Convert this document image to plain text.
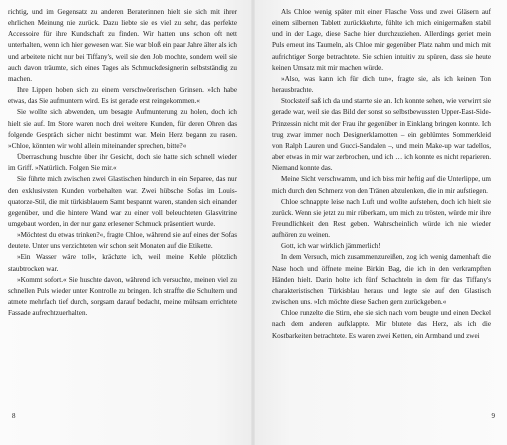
richtig, und im Gegensatz zu anderen Beraterinnen hielt sie sich mit ihrer ehrlichen Meinung nie zurück. Dazu liebte sie es viel zu sehr, das perfekte Accessoire für ihre Kundschaft zu finden. Wir hatten uns schon oft nett unterhalten, wenn ich hier gewesen war. Sie war bloß ein paar Jahre älter als ich und arbeitete nicht nur bei Tiffany's, weil sie den Job mochte, sondern weil sie auch davon träumte, sich eines Tages als Schmuckdesignerin selbstständig zu machen.

Ihre Lippen hoben sich zu einem verschwörerischen Grinsen. »Ich habe etwas, das Sie aufmuntern wird. Es ist gerade erst reingekommen.«

Sie wollte sich abwenden, um besagte Aufmunterung zu holen, doch ich hielt sie auf. Im Store waren noch drei weitere Kunden, für deren Ohren das folgende Gespräch sicher nicht bestimmt war. Mein Herz begann zu rasen. »Chloe, könnten wir wohl allein miteinander sprechen, bitte?«

Überraschung huschte über ihr Gesicht, doch sie hatte sich schnell wieder im Griff. »Natürlich. Folgen Sie mir.«

Sie führte mich zwischen zwei Glastischen hindurch in ein Separee, das nur den exklusivsten Kunden vorbehalten war. Zwei hübsche Sofas im Louis-quatorze-Stil, die mit türkisblauem Samt bespannt waren, standen sich einander gegenüber, und die hintere Wand war zu einer voll beleuchteten Glasvitrine umgebaut worden, in der nur ganz erlesener Schmuck präsentiert wurde.

»Möchtest du etwas trinken?«, fragte Chloe, während sie auf eines der Sofas deutete. Unter uns verzichteten wir schon seit Monaten auf die Etikette.

»Ein Wasser wäre toll«, krächzte ich, weil meine Kehle plötzlich staubtrocken war.

»Kommt sofort.« Sie huschte davon, während ich versuchte, meinen viel zu schnellen Puls wieder unter Kontrolle zu bringen. Ich straffte die Schultern und atmete mehrfach tief durch, sorgsam darauf bedacht, meine mühsam errichtete Fassade aufrechtzuerhalten.

8

Als Chloe wenig später mit einer Flasche Voss und zwei Gläsern auf einem silbernen Tablett zurückkehrte, fühlte ich mich einigermaßen stabil und in der Lage, diese Sache hier durchzuziehen. Allerdings geriet mein Puls erneut ins Taumeln, als Chloe mir gegenüber Platz nahm und mich mit aufrichtiger Sorge betrachtete. Sie schien intuitiv zu spüren, dass sie heute keinen Umsatz mit mir machen würde.

»Also, was kann ich für dich tun«, fragte sie, als ich keinen Ton herausbrachte.

Stocksteif saß ich da und starrte sie an. Ich konnte sehen, wie verwirrt sie gerade war, weil sie das Bild der sonst so selbstbewussten Upper-East-Side-Prinzessin nicht mit der Frau ihr gegenüber in Einklang bringen konnte. Ich trug zwar immer noch Designerklamotten – ein geblümtes Sommerkleid von Ralph Lauren und Gucci-Sandalen –, und mein Make-up war tadellos, aber etwas in mir war zerbrochen, und ich … ich konnte es nicht reparieren. Niemand konnte das.

Meine Sicht verschwamm, und ich biss mir heftig auf die Unterlippe, um mich durch den Schmerz von den Tränen abzulenken, die in mir aufstiegen.

Chloe schnappte leise nach Luft und wollte aufstehen, doch ich hielt sie zurück. Wenn sie jetzt zu mir rüberkam, um mich zu trösten, würde mir ihre Freundlichkeit den Rest geben. Wahrscheinlich würde ich nie wieder aufhören zu weinen.

Gott, ich war wirklich jämmerlich!

In dem Versuch, mich zusammenzureißen, zog ich wenig damenhaft die Nase hoch und öffnete meine Birkin Bag, die ich in den verkrampften Händen hielt. Darin holte ich fünf Schachteln in dem für das Tiffany's charakteristischen Türkisblau heraus und legte sie auf den Glastisch zwischen uns. »Ich möchte diese Sachen gern zurückgeben.«

Chloe runzelte die Stirn, ehe sie sich nach vorn beugte und einen Deckel nach dem anderen aufklappte. Mir blutete das Herz, als ich die Kostbarkeiten betrachtete. Es waren zwei Ketten, ein Armband und zwei

9
